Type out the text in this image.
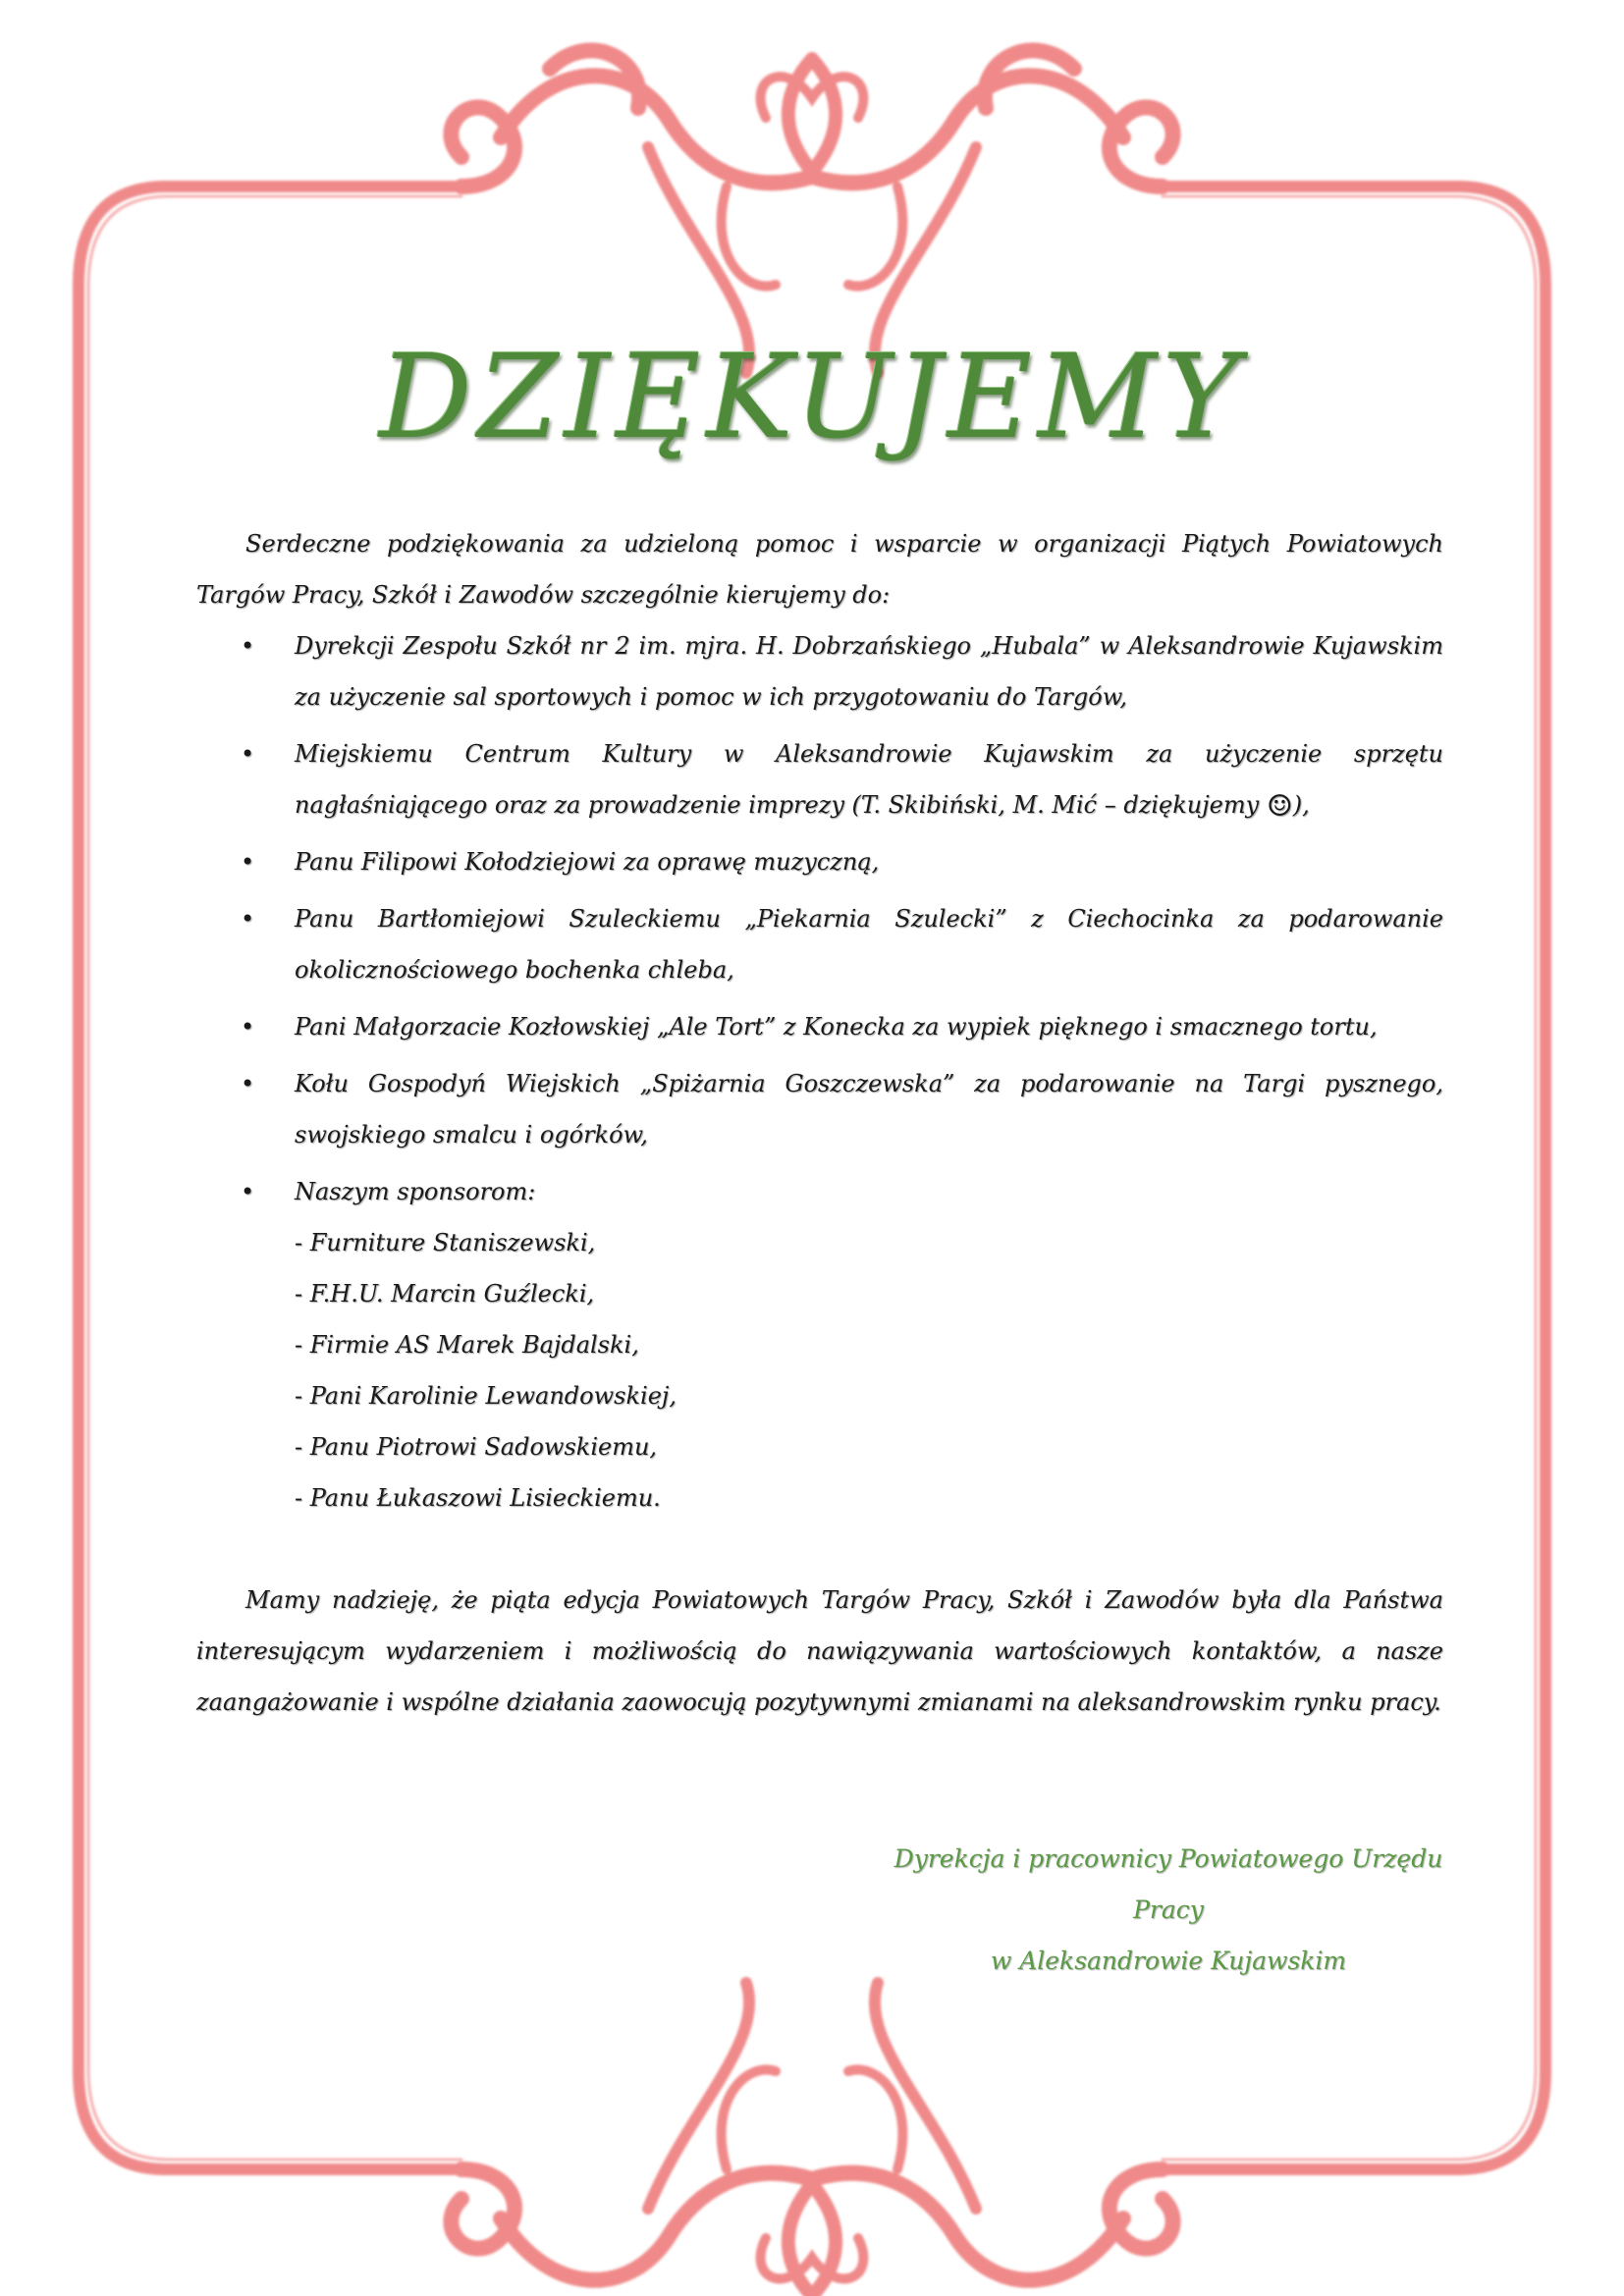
DZIĘKUJEMY

Serdeczne podziękowania za udzieloną pomoc i wsparcie w organizacji Piątych Powiatowych Targów Pracy, Szkół i Zawodów szczególnie kierujemy do:

• Dyrekcji Zespołu Szkół nr 2 im. mjra. H. Dobrzańskiego „Hubala” w Aleksandrowie Kujawskim za użyczenie sal sportowych i pomoc w ich przygotowaniu do Targów,
• Miejskiemu Centrum Kultury w Aleksandrowie Kujawskim za użyczenie sprzętu nagłaśniającego oraz za prowadzenie imprezy (T. Skibiński, M. Mić – dziękujemy ☺),
• Panu Filipowi Kołodziejowi za oprawę muzyczną,
• Panu Bartłomiejowi Szuleckiemu „Piekarnia Szulecki” z Ciechocinka za podarowanie okolicznościowego bochenka chleba,
• Pani Małgorzacie Kozłowskiej „Ale Tort” z Konecka za wypiek pięknego i smacznego tortu,
• Kołu Gospodyń Wiejskich „Spiżarnia Goszczewska” za podarowanie na Targi pysznego, swojskiego smalcu i ogórków,
• Naszym sponsorom:
- Furniture Staniszewski,
- F.H.U. Marcin Guźlecki,
- Firmie AS Marek Bajdalski,
- Pani Karolinie Lewandowskiej,
- Panu Piotrowi Sadowskiemu,
- Panu Łukaszowi Lisieckiemu.

Mamy nadzieję, że piąta edycja Powiatowych Targów Pracy, Szkół i Zawodów była dla Państwa interesującym wydarzeniem i możliwością do nawiązywania wartościowych kontaktów, a nasze zaangażowanie i wspólne działania zaowocują pozytywnymi zmianami na aleksandrowskim rynku pracy.

Dyrekcja i pracownicy Powiatowego Urzędu Pracy
w Aleksandrowie Kujawskim
